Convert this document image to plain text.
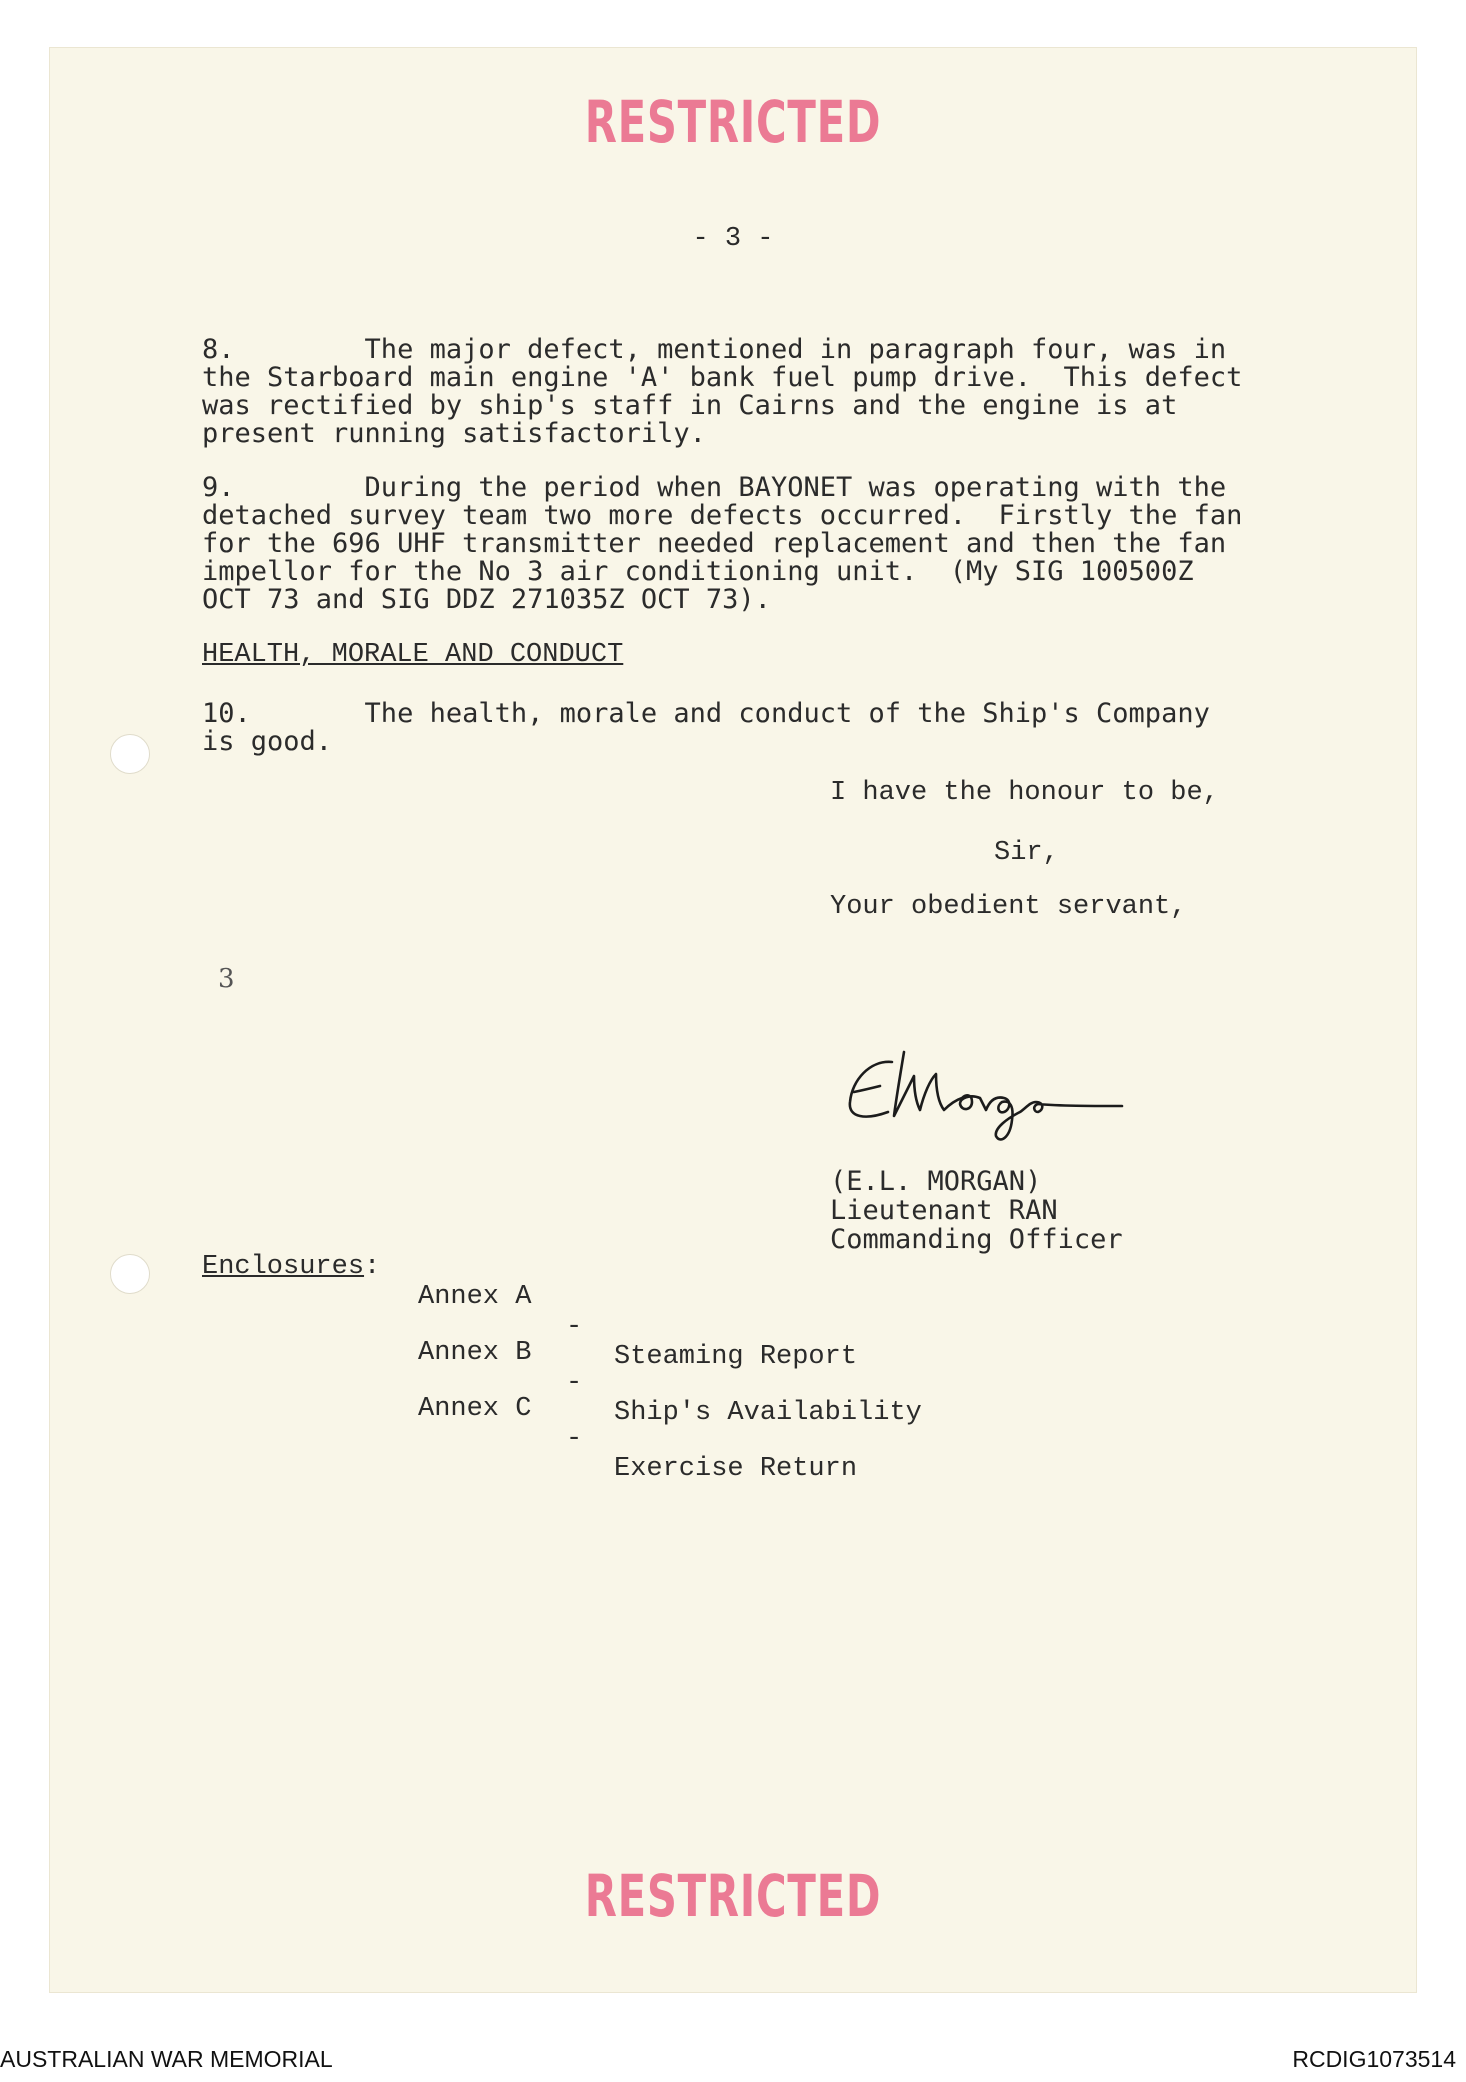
RESTRICTED
- 3 -
8.        The major defect, mentioned in paragraph four, was in
the Starboard main engine 'A' bank fuel pump drive.  This defect
was rectified by ship's staff in Cairns and the engine is at
present running satisfactorily.
9.        During the period when BAYONET was operating with the
detached survey team two more defects occurred.  Firstly the fan
for the 696 UHF transmitter needed replacement and then the fan
impellor for the No 3 air conditioning unit.  (My SIG 100500Z
OCT 73 and SIG DDZ 271035Z OCT 73).
HEALTH, MORALE AND CONDUCT
10.       The health, morale and conduct of the Ship's Company
is good.
I have the honour to be,
Sir,
Your obedient servant,
3
(E.L. MORGAN)
Lieutenant RAN
Commanding Officer
Enclosures:

Annex A

-

Steaming Report

Annex B

-

Ship's Availability

Annex C

-

Exercise Return

RESTRICTED
AUSTRALIAN WAR MEMORIAL	RCDIG1073514
